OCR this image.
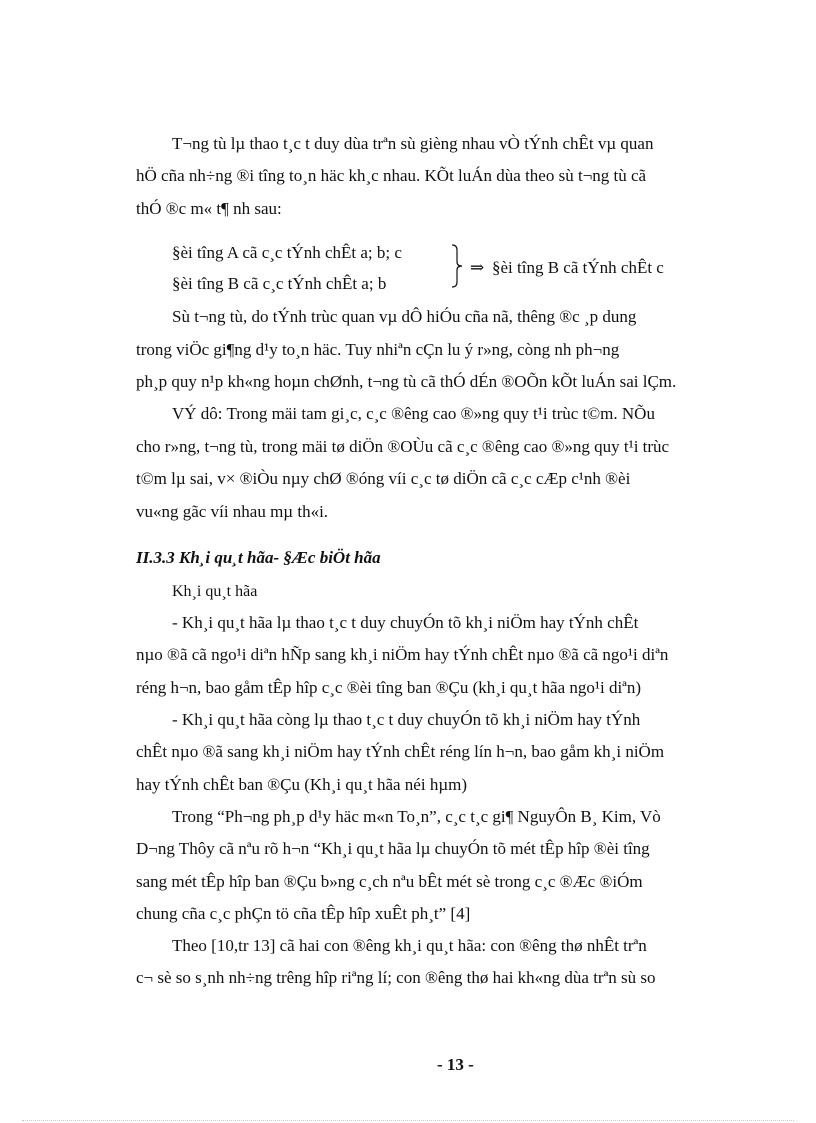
T¬ng tù lµ thao t¸c t duy dùa trªn sù gièng nhau vÒ tÝnh chÊt vµ quan
hÖ cña nh÷ng ®i tîng to¸n häc kh¸c nhau. KÕt luÁn dùa theo sù t¬ng tù cã
thÓ ®c m« t¶ nh sau:
§èi tîng A cã c¸c tÝnh chÊt a; b; c
§èi tîng B cã c¸c tÝnh chÊt a; b
⇒ §èi tîng B cã tÝnh chÊt c
Sù t¬ng tù, do tÝnh trùc quan vµ dÔ hiÓu cña nã, thêng ®c ¸p dung
trong viÖc gi¶ng d¹y to¸n häc. Tuy nhiªn cÇn lu ý r»ng, còng nh ph¬ng
ph¸p quy n¹p kh«ng hoµn chØnh, t¬ng tù cã thÓ dÉn ®OÕn kÕt luÁn sai lÇm.
VÝ dô: Trong mäi tam gi¸c, c¸c ®êng cao ®»ng quy t¹i trùc t©m. NÕu
cho r»ng, t¬ng tù, trong mäi tø diÖn ®OÙu cã c¸c ®êng cao ®»ng quy t¹i trùc
t©m lµ sai, v× ®iÒu nµy chØ ®óng víi c¸c tø diÖn cã c¸c cÆp c¹nh ®èi
vu«ng gãc víi nhau mµ th«i.
II.3.3 Kh¸i qu¸t hãa- §Æc biÖt hãa
Kh¸i qu¸t hãa
- Kh¸i qu¸t hãa lµ thao t¸c t duy chuyÓn tõ kh¸i niÖm hay tÝnh chÊt
nµo ®ã cã ngo¹i diªn hÑp sang kh¸i niÖm hay tÝnh chÊt nµo ®ã cã ngo¹i diªn
réng h¬n, bao gåm tÊp hîp c¸c ®èi tîng ban ®Çu (kh¸i qu¸t hãa ngo¹i diªn)
- Kh¸i qu¸t hãa còng lµ thao t¸c t duy chuyÓn tõ kh¸i niÖm hay tÝnh
chÊt nµo ®ã sang kh¸i niÖm hay tÝnh chÊt réng lín h¬n, bao gåm kh¸i niÖm
hay tÝnh chÊt ban ®Çu (Kh¸i qu¸t hãa néi hµm)
Trong “Ph¬ng ph¸p d¹y häc m«n To¸n”, c¸c t¸c gi¶ NguyÔn B¸ Kim, Vò
D¬ng Thôy cã nªu rõ h¬n “Kh¸i qu¸t hãa lµ chuyÓn tõ mét tÊp hîp ®èi tîng
sang mét tÊp hîp ban ®Çu b»ng c¸ch nªu bÊt mét sè trong c¸c ®Æc ®iÓm
chung cña c¸c phÇn tö cña tÊp hîp xuÊt ph¸t” [4]
Theo [10,tr 13] cã hai con ®êng kh¸i qu¸t hãa: con ®êng thø nhÊt trªn
c¬ sè so s¸nh nh÷ng trêng hîp riªng lí; con ®êng thø hai kh«ng dùa trªn sù so
- 13 -
